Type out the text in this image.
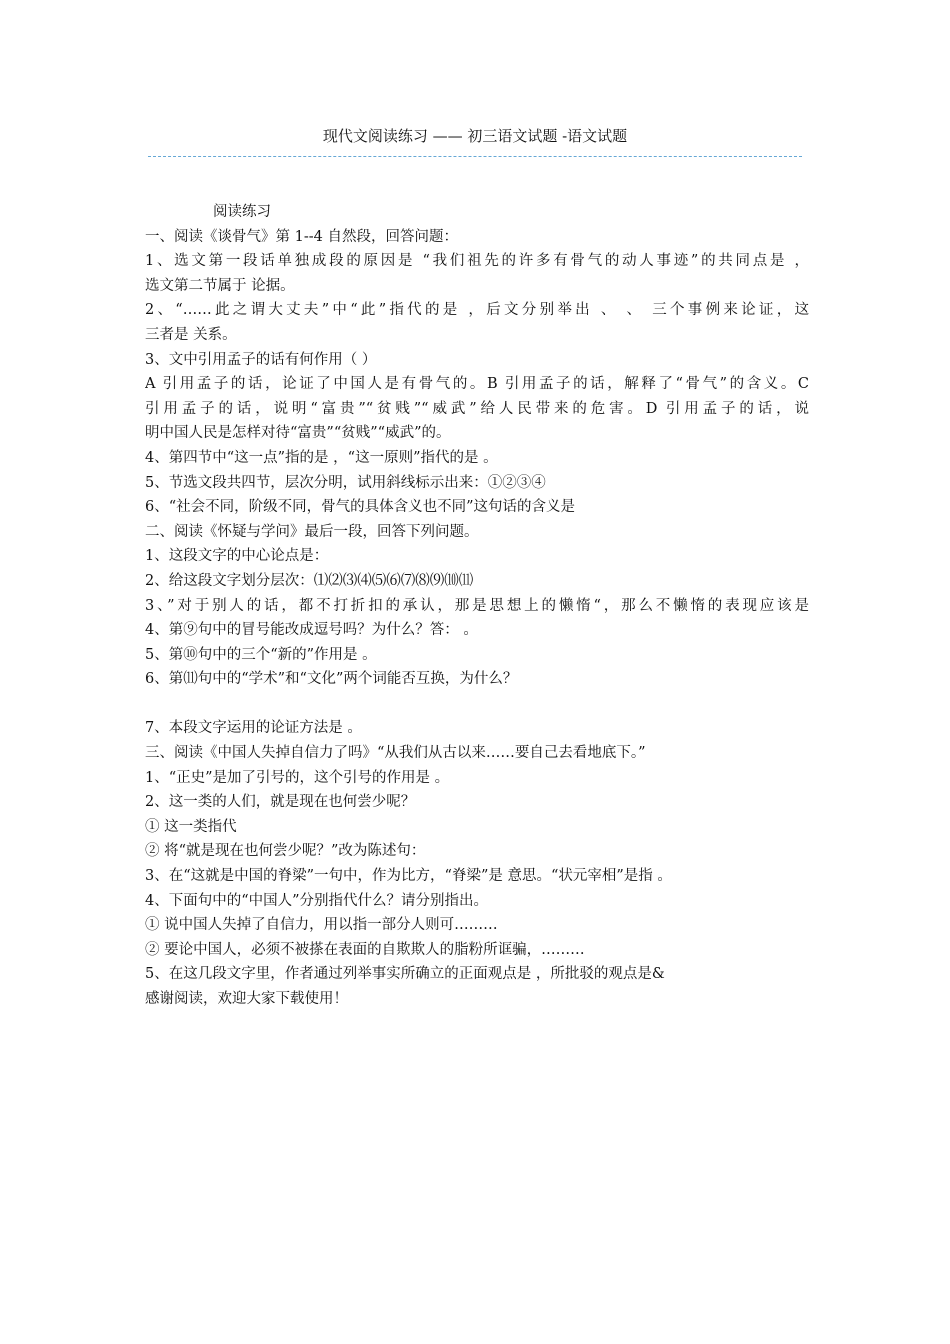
现代文阅读练习 —— 初三语文试题 -语文试题
阅读练习
一、阅读《谈骨气》第 1--4 自然段，回答问题：
1、选文第一段话单独成段的原因是 “我们祖先的许多有骨气的动人事迹”的共同点是 ，
选文第二节属于 论据。
2、“……此之谓大丈夫”中“此”指代的是 ，后文分别举出 、 、 三个事例来论证，这
三者是 关系。
3、文中引用孟子的话有何作用（ ）
A 引用孟子的话，论证了中国人是有骨气的。B 引用孟子的话，解释了“骨气”的含义。C
引用孟子的话，说明“富贵”“贫贱”“威武”给人民带来的危害。D 引用孟子的话，说
明中国人民是怎样对待“富贵”“贫贱”“威武”的。
4、第四节中“这一点”指的是 ，“这一原则”指代的是 。
5、节选文段共四节，层次分明，试用斜线标示出来：①②③④
6、“社会不同，阶级不同，骨气的具体含义也不同”这句话的含义是
二、阅读《怀疑与学问》最后一段，回答下列问题。
1、这段文字的中心论点是：
2、给这段文字划分层次：⑴⑵⑶⑷⑸⑹⑺⑻⑼⑽⑾
3、”对于别人的话，都不打折扣的承认，那是思想上的懒惰“，那么不懒惰的表现应该是
4、第⑨句中的冒号能改成逗号吗？为什么？答： 。
5、第⑩句中的三个“新的”作用是 。
6、第⑾句中的“学术”和“文化”两个词能否互换，为什么？
7、本段文字运用的论证方法是 。
三、阅读《中国人失掉自信力了吗》“从我们从古以来……要自己去看地底下。”
1、“正史”是加了引号的，这个引号的作用是 。
2、这一类的人们，就是现在也何尝少呢？
① 这一类指代
② 将“就是现在也何尝少呢？”改为陈述句：
3、在“这就是中国的脊梁”一句中，作为比方，“脊梁”是 意思。“状元宰相”是指 。
4、下面句中的“中国人”分别指代什么？请分别指出。
① 说中国人失掉了自信力，用以指一部分人则可………
② 要论中国人，必须不被搽在表面的自欺欺人的脂粉所诓骗，………
5、在这几段文字里，作者通过列举事实所确立的正面观点是 ，所批驳的观点是&
感谢阅读，欢迎大家下载使用！
